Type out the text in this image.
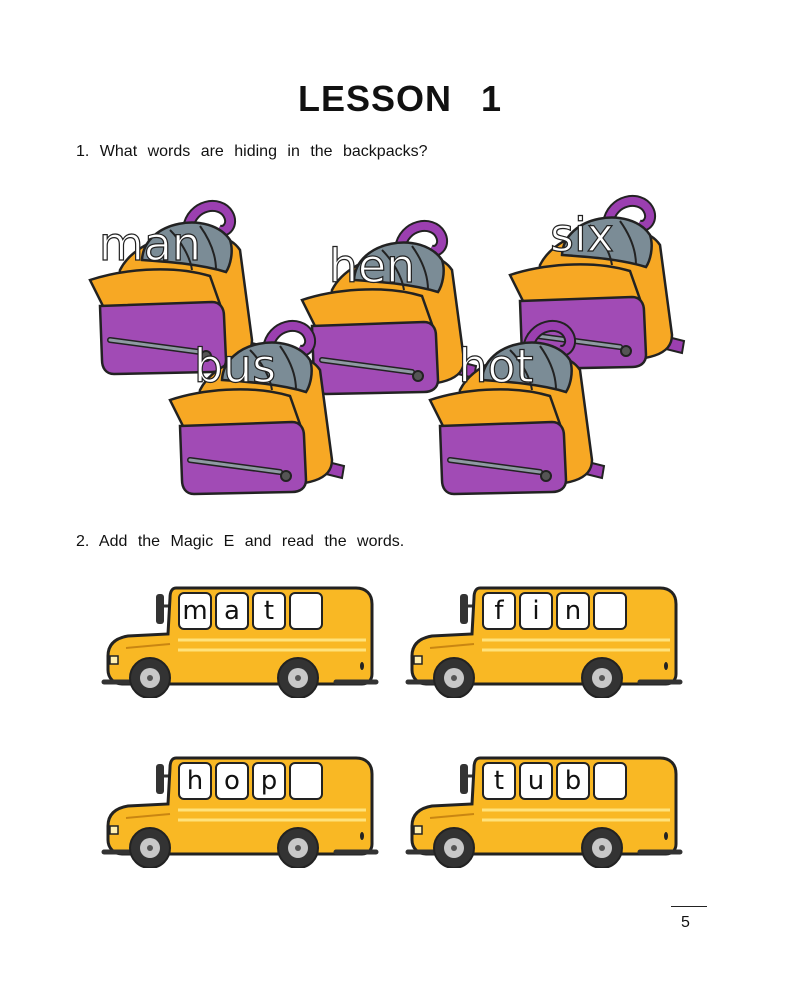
LESSON 1
1. What words are hiding in the backpacks?
man	hen
six
bus	hot
2. Add the Magic E and read the words.
m a t	f	i n
h o p	t u b
5
